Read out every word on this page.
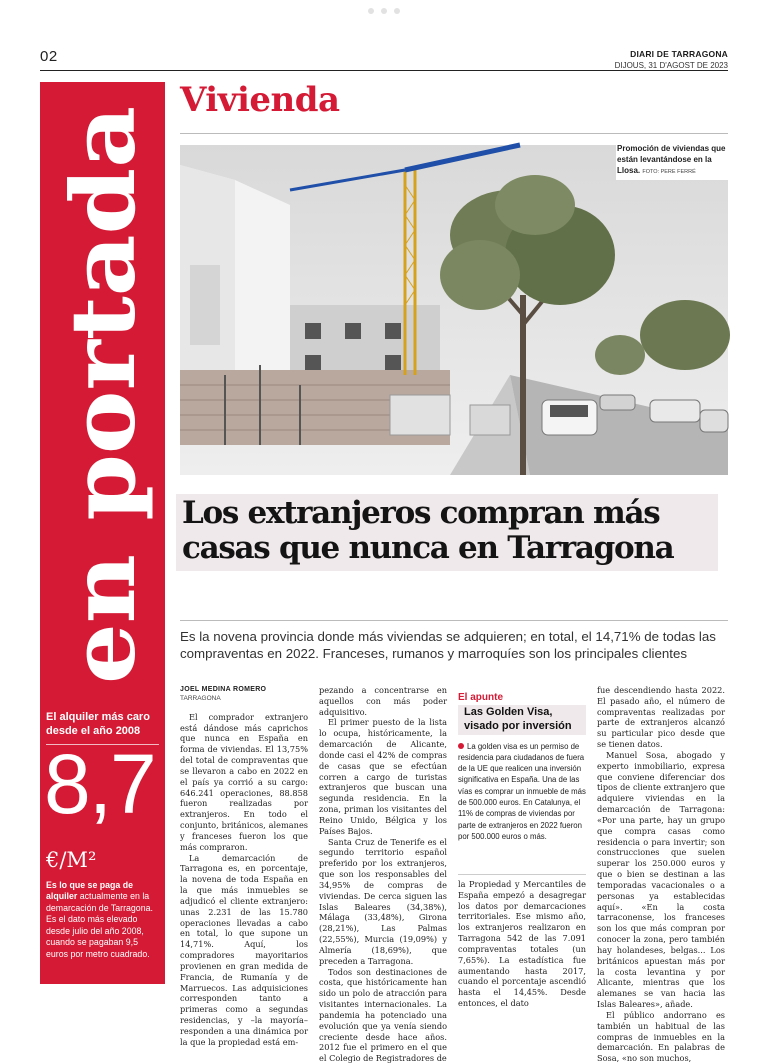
02	DIARI DE TARRAGONA
DIJOUS, 31 D'AGOST DE 2023
en portada
El alquiler más caro desde el año 2008
8,7
€/M²
Es lo que se paga de alquiler actualmente en la demarcación de Tarragona. Es el dato más elevado desde julio del año 2008, cuando se pagaban 9,5 euros por metro cuadrado.
Vivienda
Promoción de viviendas que están levantándose en la Llosa. FOTO: PERE FERRÉ
Los extranjeros compran más
casas que nunca en Tarragona
Es la novena provincia donde más viviendas se adquieren; en total, el 14,71% de todas las compraventas en 2022. Franceses, rumanos y marroquíes son los principales clientes
JOEL MEDINA ROMERO
TARRAGONA

El comprador extranjero está dándose más caprichos que nunca en España en forma de viviendas. El 13,75% del total de compraventas que se llevaron a cabo en 2022 en el país ya corrió a su cargo: 646.241 operaciones, 88.858 fueron realizadas por extranjeros. En todo el conjunto, británicos, alemanes y franceses fueron los que más compraron.

La demarcación de Tarragona es, en porcentaje, la novena de toda España en la que más inmuebles se adjudicó el cliente extranjero: unas 2.231 de las 15.780 operaciones llevadas a cabo en total, lo que supone un 14,71%. Aquí, los compradores mayoritarios provienen en gran medida de Francia, de Rumanía y de Marruecos. Las adquisiciones corresponden tanto a primeras como a segundas residencias, y –la mayoría– responden a una dinámica por la que la propiedad está em-

pezando a concentrarse en aquellos con más poder adquisitivo.

El primer puesto de la lista lo ocupa, históricamente, la demarcación de Alicante, donde casi el 42% de compras de casas que se efectúan corren a cargo de turistas extranjeros que buscan una segunda residencia. En la zona, priman los visitantes del Reino Unido, Bélgica y los Países Bajos.

Santa Cruz de Tenerife es el segundo territorio español preferido por los extranjeros, que son los responsables del 34,95% de compras de viviendas. De cerca siguen las Islas Baleares (34,38%), Málaga (33,48%), Girona (28,21%), Las Palmas (22,55%), Murcia (19,09%) y Almería (18,69%), que preceden a Tarragona.

Todos son destinaciones de costa, que históricamente han sido un polo de atracción para visitantes internacionales. La pandemia ha potenciado una evolución que ya venía siendo creciente desde hace años. 2012 fue el primero en el que el Colegio de Registradores de

El apunte
Las Golden Visa, visado por inversión
La golden visa es un permiso de residencia para ciudadanos de fuera de la UE que realicen una inversión significativa en España. Una de las vías es comprar un inmueble de más de 500.000 euros. En Catalunya, el 11% de compras de viviendas por parte de extranjeros en 2022 fueron por 500.000 euros o más.

la Propiedad y Mercantiles de España empezó a desagregar los datos por demarcaciones territoriales. Ese mismo año, los extranjeros realizaron en Tarragona 542 de las 7.091 compraventas totales (un 7,65%). La estadística fue aumentando hasta 2017, cuando el porcentaje ascendió hasta el 14,45%. Desde entonces, el dato

fue descendiendo hasta 2022. El pasado año, el número de compraventas realizadas por parte de extranjeros alcanzó su particular pico desde que se tienen datos.

Manuel Sosa, abogado y experto inmobiliario, expresa que conviene diferenciar dos tipos de cliente extranjero que adquiere viviendas en la demarcación de Tarragona: «Por una parte, hay un grupo que compra casas como residencia o para invertir; son construcciones que suelen superar los 250.000 euros y que o bien se destinan a las temporadas vacacionales o a personas ya establecidas aquí». «En la costa tarraconense, los franceses son los que más compran por conocer la zona, pero también hay holandeses, belgas... Los británicos apuestan más por la costa levantina y por Alicante, mientras que los alemanes se van hacia las Islas Baleares», añade.

El público andorrano es también un habitual de las compras de inmuebles en la demarcación. En palabras de Sosa, «no son muchos,
